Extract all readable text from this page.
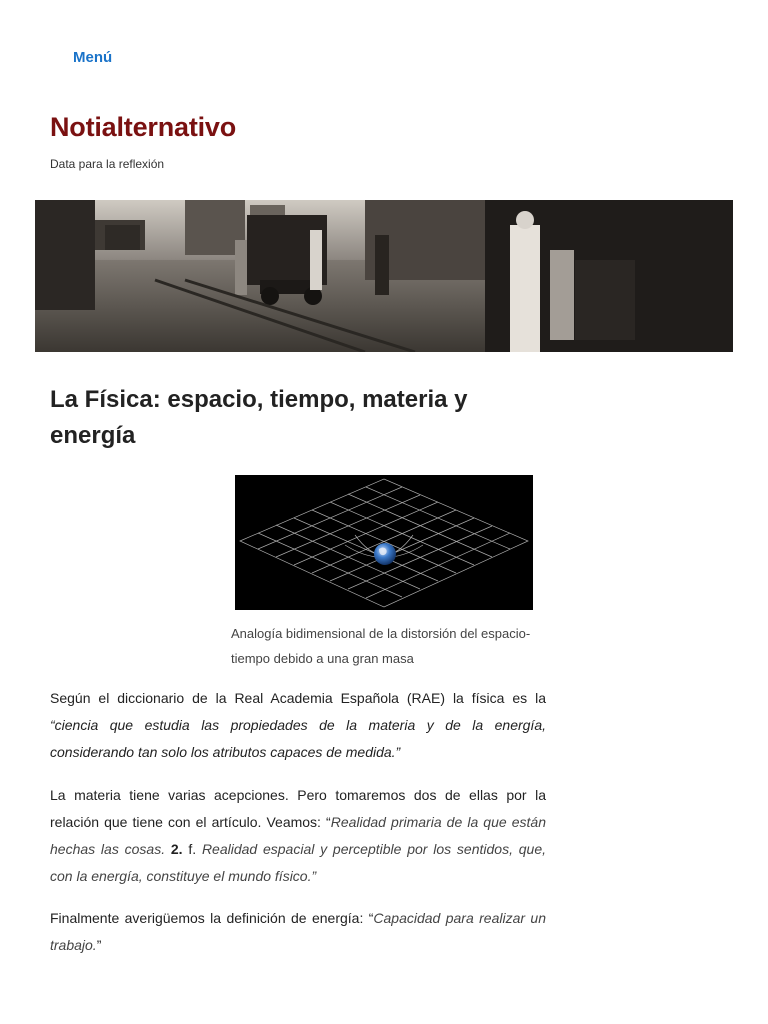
Menú
Notialternativo
Data para la reflexión
La Física: espacio, tiempo, materia y energía
Analogía bidimensional de la distorsión del espacio-tiempo debido a una gran masa

Según el diccionario de la Real Academia Española (RAE) la física es la “ciencia que estudia las propiedades de la materia y de la energía, considerando tan solo los atributos capaces de medida.”

La materia tiene varias acepciones. Pero tomaremos dos de ellas por la relación que tiene con el artículo. Veamos: “Realidad primaria de la que están hechas las cosas. 2. f. Realidad espacial y perceptible por los sentidos, que, con la energía, constituye el mundo físico.”

Finalmente averigüemos la definición de energía: “Capacidad para realizar un trabajo.”
